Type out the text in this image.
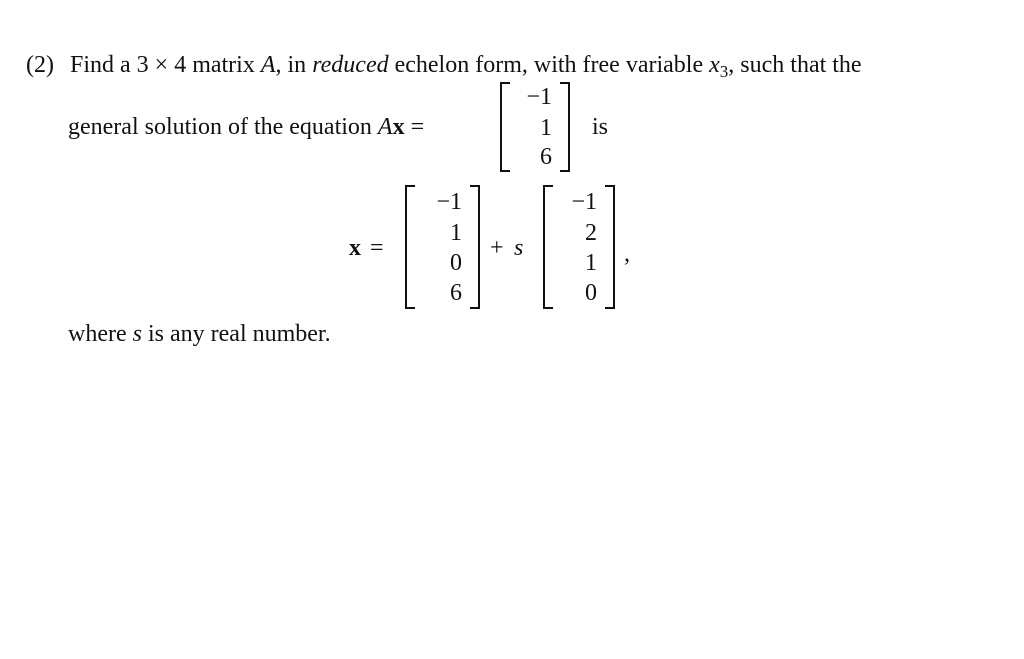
(2) Find a 3 × 4 matrix A, in reduced echelon form, with free variable $x_3$, such that the
general solution of the equation Ax =
−1
1
6
is
x =
−1
1
0
6
+ s
−1
2
1
0
,
where s is any real number.
